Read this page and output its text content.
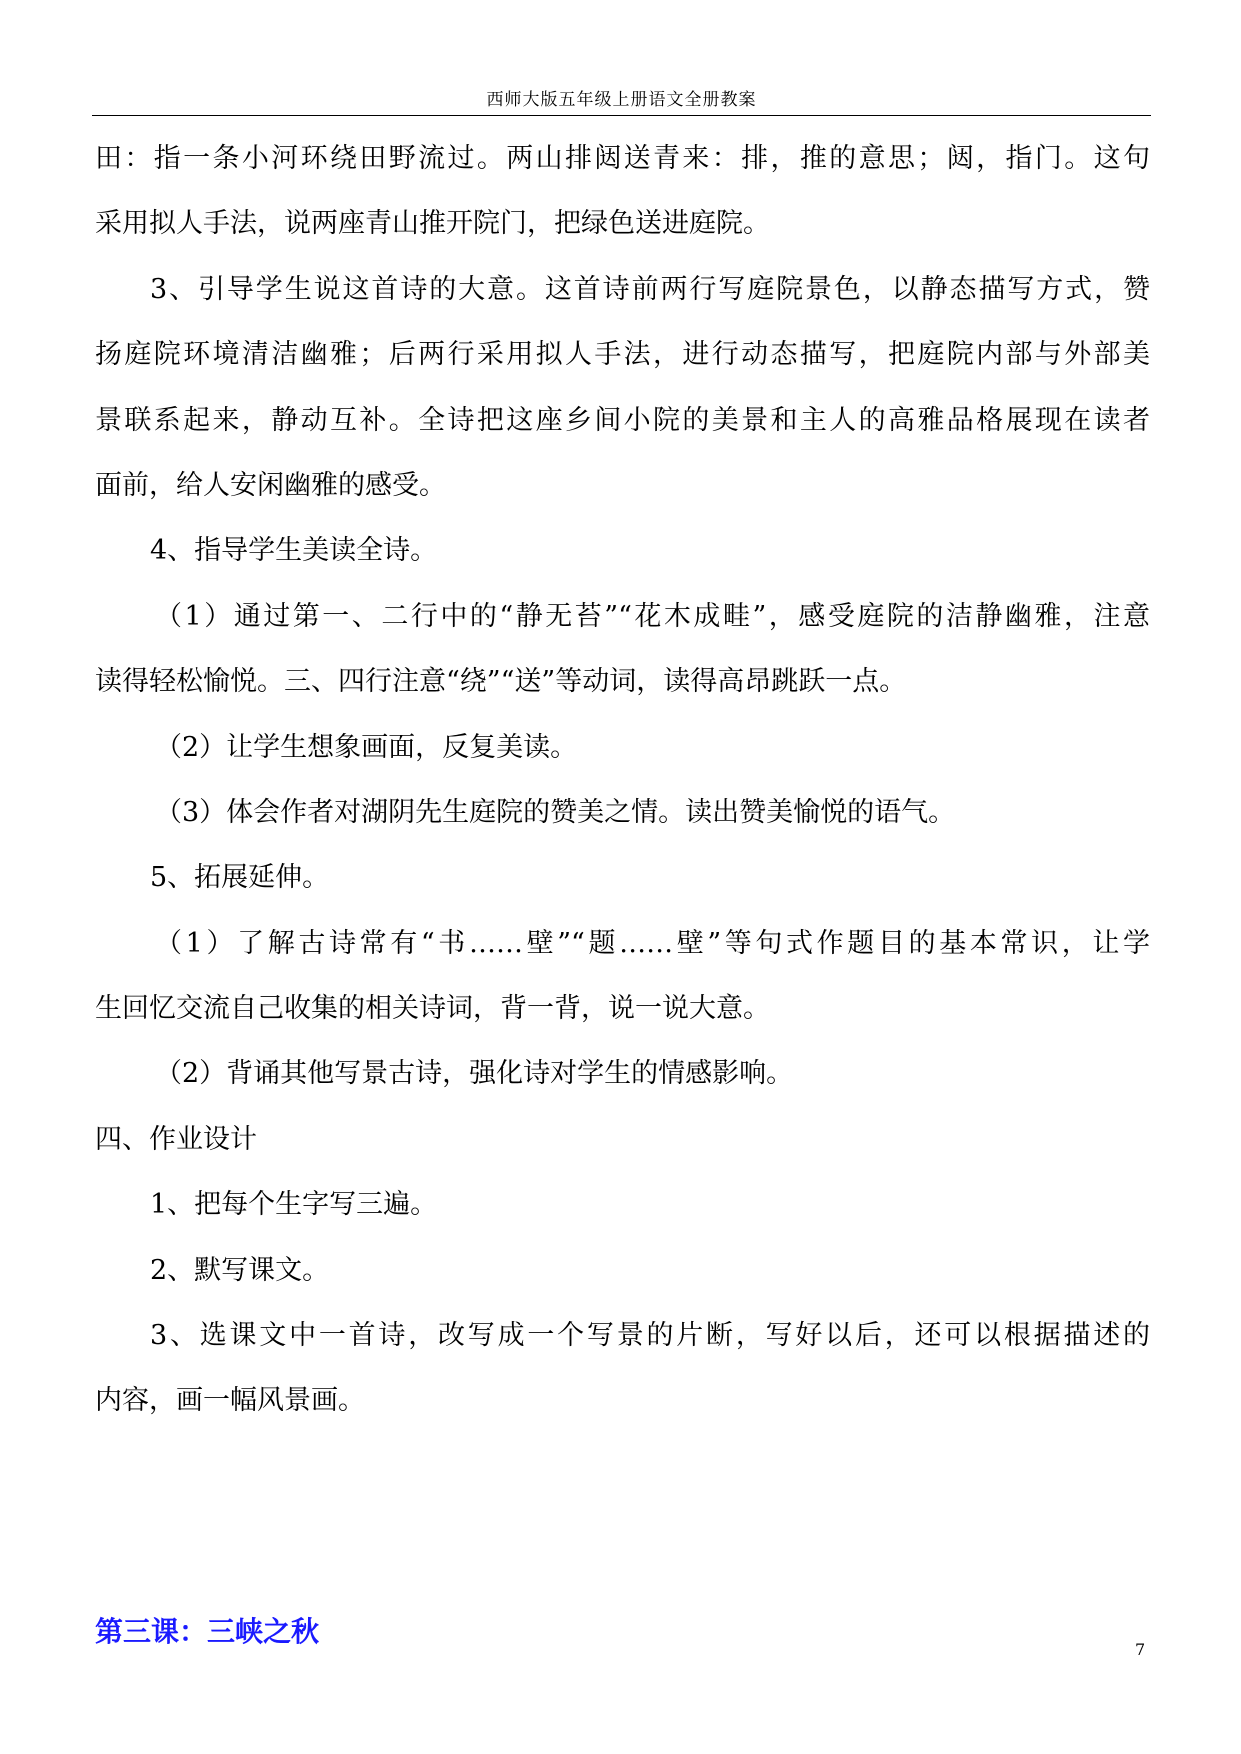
西师大版五年级上册语文全册教案
田：指一条小河环绕田野流过。两山排闼送青来：排，推的意思；闼，指门。这句
采用拟人手法，说两座青山推开院门，把绿色送进庭院。
3、引导学生说这首诗的大意。这首诗前两行写庭院景色，以静态描写方式，赞
扬庭院环境清洁幽雅；后两行采用拟人手法，进行动态描写，把庭院内部与外部美
景联系起来，静动互补。全诗把这座乡间小院的美景和主人的高雅品格展现在读者
面前，给人安闲幽雅的感受。
4、指导学生美读全诗。
（1）通过第一、二行中的“静无苔”“花木成畦”，感受庭院的洁静幽雅，注意
读得轻松愉悦。三、四行注意“绕”“送”等动词，读得高昂跳跃一点。
（2）让学生想象画面，反复美读。
（3）体会作者对湖阴先生庭院的赞美之情。读出赞美愉悦的语气。
5、拓展延伸。
（1）了解古诗常有“书……壁”“题……壁”等句式作题目的基本常识，让学
生回忆交流自己收集的相关诗词，背一背，说一说大意。
（2）背诵其他写景古诗，强化诗对学生的情感影响。
四、作业设计
1、把每个生字写三遍。
2、默写课文。
3、选课文中一首诗，改写成一个写景的片断，写好以后，还可以根据描述的
内容，画一幅风景画。
第三课：三峡之秋
7
